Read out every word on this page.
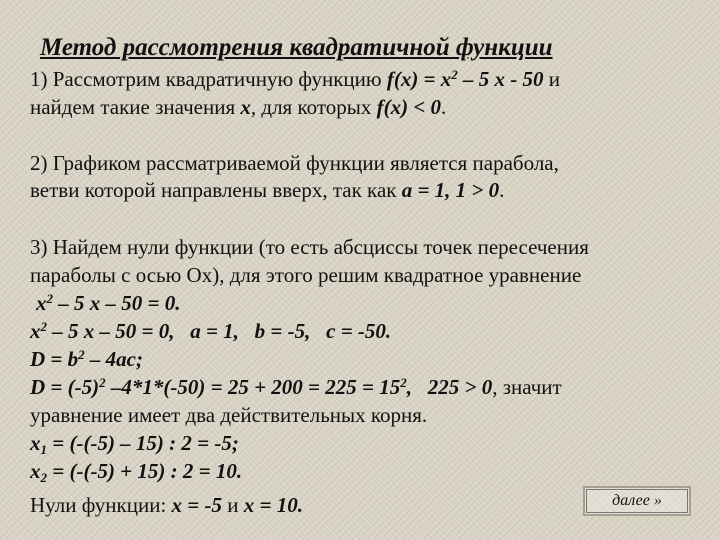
Метод рассмотрения квадратичной функции
1) Рассмотрим квадратичную функцию $f(x) = x^2 - 5$ x - 50 и
найдем такие значения x, для которых f(x) < 0.
2) Графиком рассматриваемой функции является парабола,
ветви которой направлены вверх, так как а = 1, 1 > 0.
3) Найдем нули функции (то есть абсциссы точек пересечения
параболы с осью Ох), для этого решим квадратное уравнение
$x^2 - 5$ x – 50 = 0.
$x^2 - 5$ x – 50 = 0,   a = 1,   b = -5,   c = -50.
$D = b^2 - 4ac$;
$D = (-5)^2$ $-4*1*(-50) = 25 + 200 = 225 = 15^2$,   225 > 0, значит
уравнение имеет два действительных корня.
$x_1 = (-(-5) - 15)$ : 2 = -5;
$x_2 = (-(-5) + 15)$ : 2 = 10.
Нули функции: x = -5 и x = 10.	далее »
